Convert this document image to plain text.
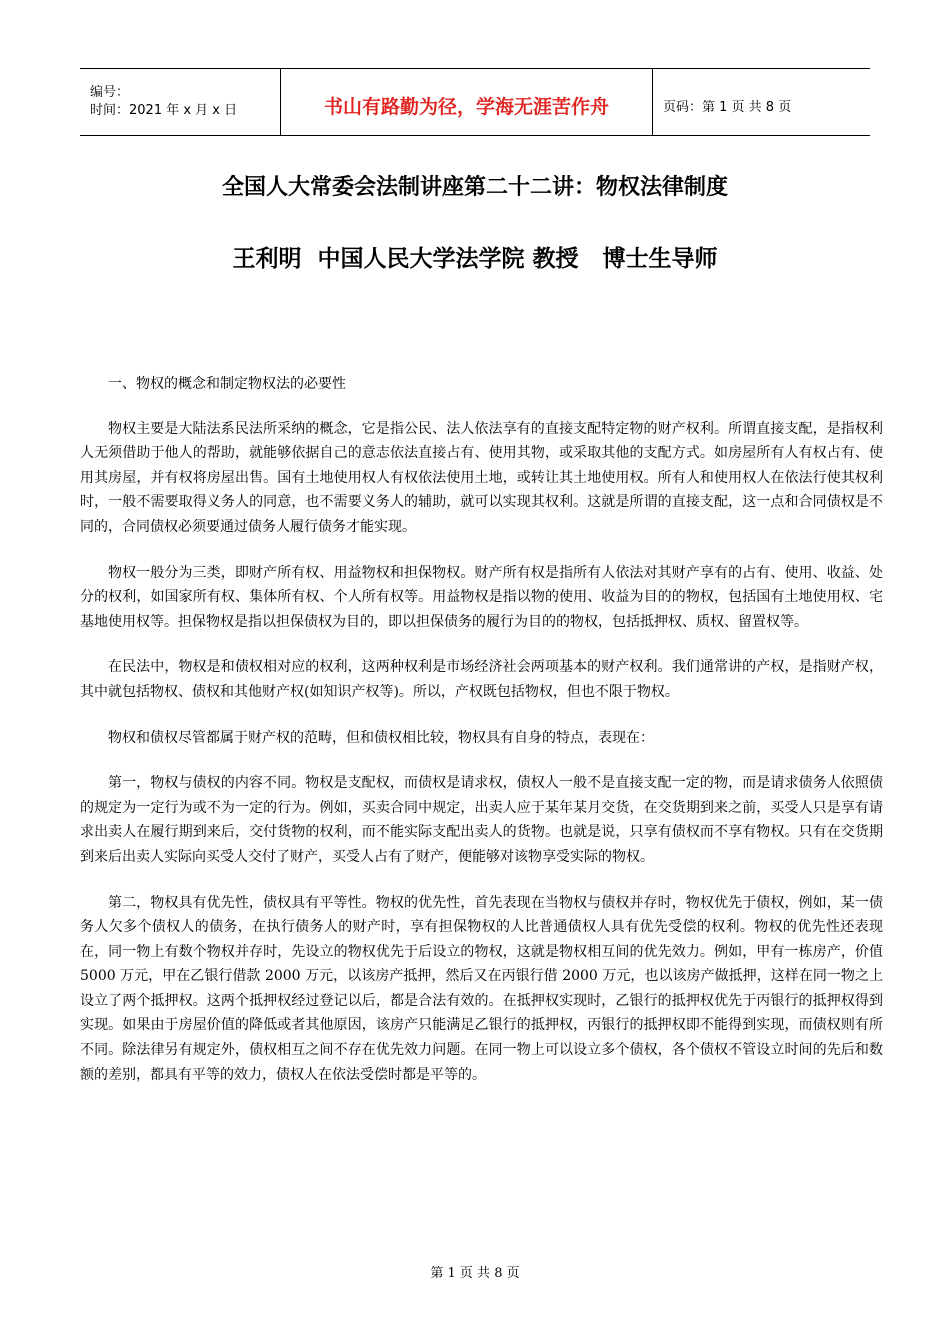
编号：
时间：2021 年 x 月 x 日	书山有路勤为径，学海无涯苦作舟	页码：第 1 页 共 8 页
全国人大常委会法制讲座第二十二讲：物权法律制度
王利明 中国人民大学法学院 教授 博士生导师

一、物权的概念和制定物权法的必要性

物权主要是大陆法系民法所采纳的概念，它是指公民、法人依法享有的直接支配特定物的财产权利。所谓直接支配，是指权利人无须借助于他人的帮助，就能够依据自己的意志依法直接占有、使用其物，或采取其他的支配方式。如房屋所有人有权占有、使用其房屋，并有权将房屋出售。国有土地使用权人有权依法使用土地，或转让其土地使用权。所有人和使用权人在依法行使其权利时，一般不需要取得义务人的同意，也不需要义务人的辅助，就可以实现其权利。这就是所谓的直接支配，这一点和合同债权是不同的，合同债权必须要通过债务人履行债务才能实现。

物权一般分为三类，即财产所有权、用益物权和担保物权。财产所有权是指所有人依法对其财产享有的占有、使用、收益、处分的权利，如国家所有权、集体所有权、个人所有权等。用益物权是指以物的使用、收益为目的的物权，包括国有土地使用权、宅基地使用权等。担保物权是指以担保债权为目的，即以担保债务的履行为目的的物权，包括抵押权、质权、留置权等。

在民法中，物权是和债权相对应的权利，这两种权利是市场经济社会两项基本的财产权利。我们通常讲的产权，是指财产权，其中就包括物权、债权和其他财产权(如知识产权等)。所以，产权既包括物权，但也不限于物权。

物权和债权尽管都属于财产权的范畴，但和债权相比较，物权具有自身的特点，表现在：

第一，物权与债权的内容不同。物权是支配权，而债权是请求权，债权人一般不是直接支配一定的物，而是请求债务人依照债的规定为一定行为或不为一定的行为。例如，买卖合同中规定，出卖人应于某年某月交货，在交货期到来之前，买受人只是享有请求出卖人在履行期到来后，交付货物的权利，而不能实际支配出卖人的货物。也就是说，只享有债权而不享有物权。只有在交货期到来后出卖人实际向买受人交付了财产，买受人占有了财产，便能够对该物享受实际的物权。

第二，物权具有优先性，债权具有平等性。物权的优先性，首先表现在当物权与债权并存时，物权优先于债权，例如，某一债务人欠多个债权人的债务，在执行债务人的财产时，享有担保物权的人比普通债权人具有优先受偿的权利。物权的优先性还表现在，同一物上有数个物权并存时，先设立的物权优先于后设立的物权，这就是物权相互间的优先效力。例如，甲有一栋房产，价值 5000 万元，甲在乙银行借款 2000 万元，以该房产抵押，然后又在丙银行借 2000 万元，也以该房产做抵押，这样在同一物之上设立了两个抵押权。这两个抵押权经过登记以后，都是合法有效的。在抵押权实现时，乙银行的抵押权优先于丙银行的抵押权得到实现。如果由于房屋价值的降低或者其他原因，该房产只能满足乙银行的抵押权，丙银行的抵押权即不能得到实现，而债权则有所不同。除法律另有规定外，债权相互之间不存在优先效力问题。在同一物上可以设立多个债权，各个债权不管设立时间的先后和数额的差别，都具有平等的效力，债权人在依法受偿时都是平等的。

第 1 页 共 8 页
